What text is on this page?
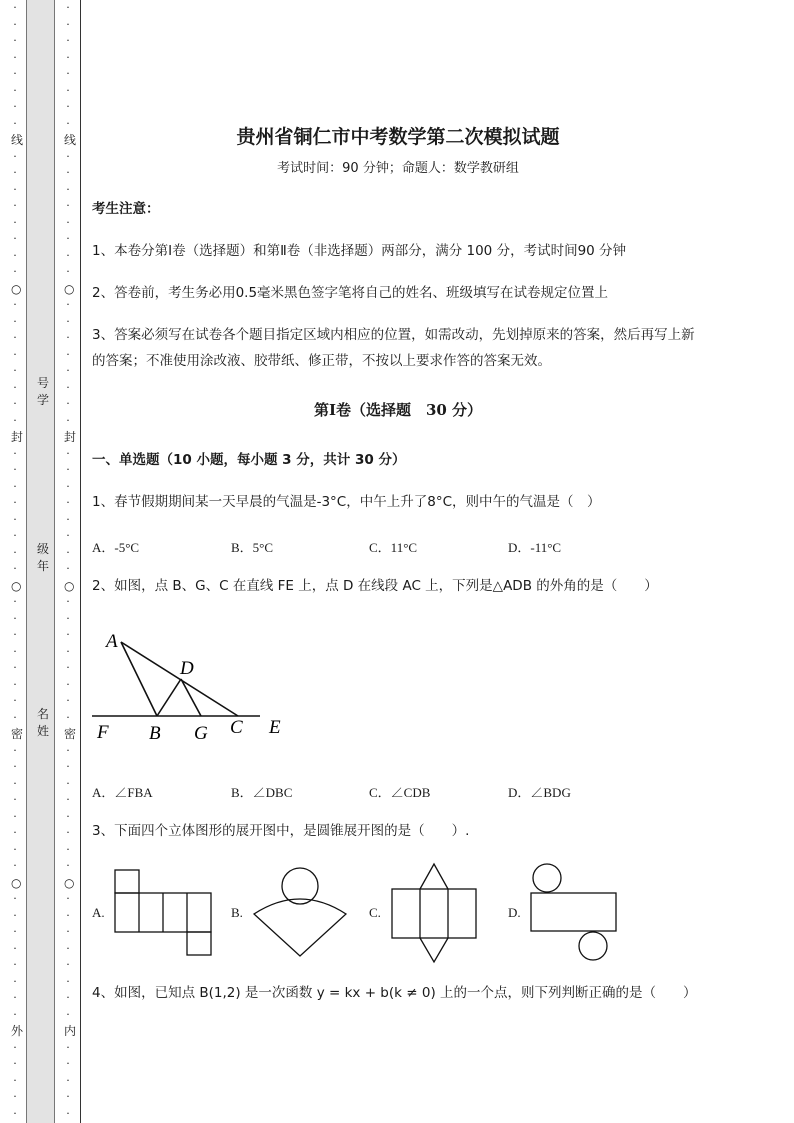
·
·
·
·
·
·
·
·
线
·
·
·
·
·
·
·
·
○
·
·
·
·
·
·
·
·
封
·
·
·
·
·
·
·
·
○
·
·
·
·
·
·
·
·
密
·
·
·
·
·
·
·
·
○
·
·
·
·
·
·
·
·
外
·
·
·
·
·
·
·
·
·
·
·
·
·
线
·
·
·
·
·
·
·
·
○
·
·
·
·
·
·
·
·
封
·
·
·
·
·
·
·
·
○
·
·
·
·
·
·
·
·
密
·
·
·
·
·
·
·
·
○
·
·
·
·
·
·
·
·
内
·
·
·
·
·
号学
级年
名姓
贵州省铜仁市中考数学第二次模拟试题
考试时间：90 分钟；命题人：数学教研组
考生注意：
1、本卷分第Ⅰ卷（选择题）和第Ⅱ卷（非选择题）两部分，满分 100 分，考试时间90 分钟
2、答卷前，考生务必用0.5毫米黑色签字笔将自己的姓名、班级填写在试卷规定位置上
3、答案必须写在试卷各个题目指定区域内相应的位置，如需改动，先划掉原来的答案，然后再写上新
的答案；不准使用涂改液、胶带纸、修正带，不按以上要求作答的答案无效。
第Ⅰ卷（选择题　30 分）
一、单选题（10 小题，每小题 3 分，共计 30 分）
1、春节假期期间某一天早晨的气温是-3°C，中午上升了8°C，则中午的气温是（　）
A．-5°C	B．5°C	C．11°C	D．-11°C
2、如图，点 B、G、C 在直线 FE 上，点 D 在线段 AC 上，下列是△ADB 的外角的是（　　）
A
D
F B G C E
A．∠FBA	B．∠DBC	C．∠CDB	D．∠BDG
3、下面四个立体图形的展开图中，是圆锥展开图的是（　　）.
A.	B.	C.	D.
4、如图，已知点 B(1,2) 是一次函数 y = kx + b(k ≠ 0) 上的一个点，则下列判断正确的是（　　）
